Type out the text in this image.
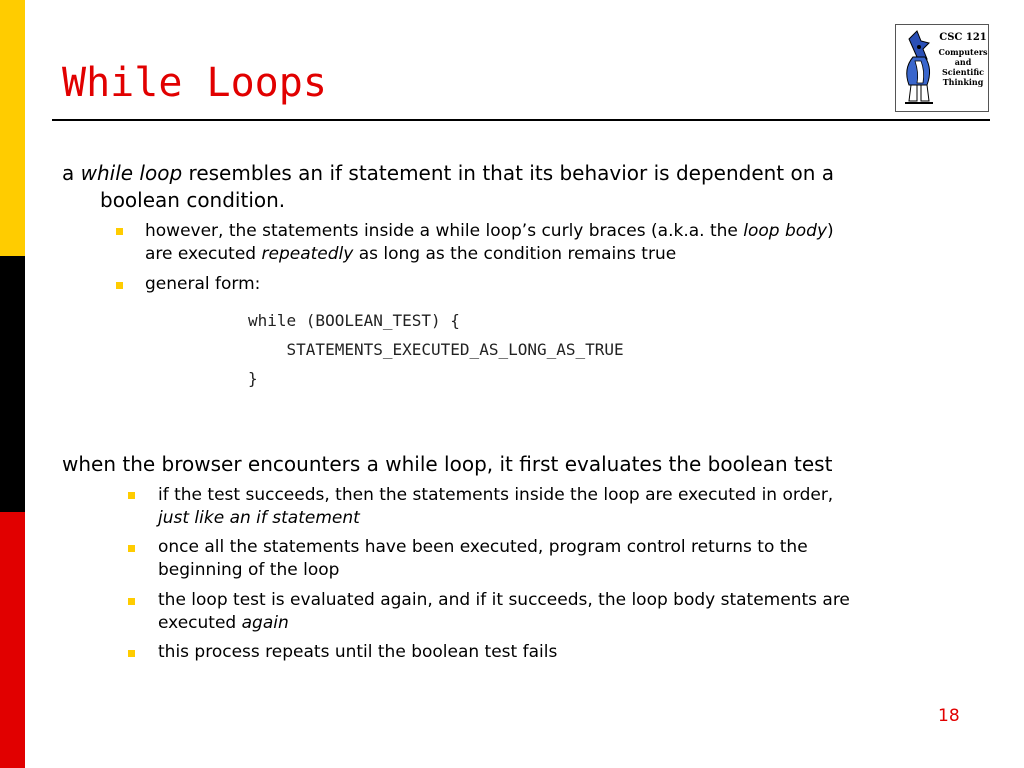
While Loops
CSC 121
Computers
and
Scientific
Thinking
a while loop resembles an if statement in that its behavior is dependent on a
boolean condition.
however, the statements inside a while loop’s curly braces (a.k.a. the loop body)
are executed repeatedly as long as the condition remains true
general form:
while (BOOLEAN_TEST) {
STATEMENTS_EXECUTED_AS_LONG_AS_TRUE
}
when the browser encounters a while loop, it first evaluates the boolean test
if the test succeeds, then the statements inside the loop are executed in order,
just like an if statement
once all the statements have been executed, program control returns to the
beginning of the loop
the loop test is evaluated again, and if it succeeds, the loop body statements are
executed again
this process repeats until the boolean test fails
18
